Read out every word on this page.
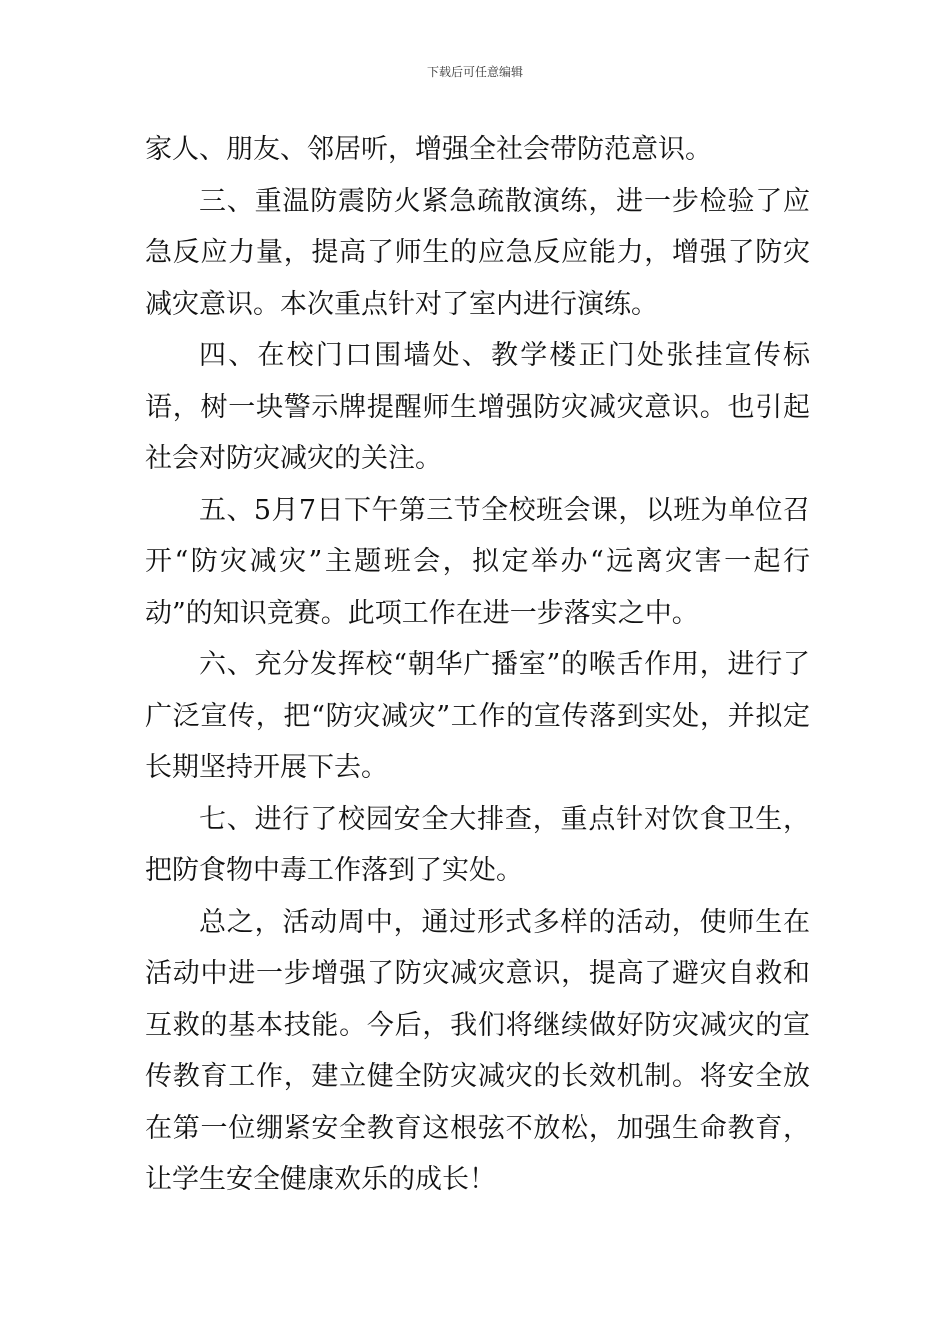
下载后可任意编辑

家人、朋友、邻居听，增强全社会带防范意识。

三、重温防震防火紧急疏散演练，进一步检验了应急反应力量，提高了师生的应急反应能力，增强了防灾减灾意识。本次重点针对了室内进行演练。

四、在校门口围墙处、教学楼正门处张挂宣传标语，树一块警示牌提醒师生增强防灾减灾意识。也引起社会对防灾减灾的关注。

五、5月7日下午第三节全校班会课，以班为单位召开“防灾减灾”主题班会，拟定举办“远离灾害一起行动”的知识竞赛。此项工作在进一步落实之中。

六、充分发挥校“朝华广播室”的喉舌作用，进行了广泛宣传，把“防灾减灾”工作的宣传落到实处，并拟定长期坚持开展下去。

七、进行了校园安全大排查，重点针对饮食卫生，把防食物中毒工作落到了实处。

总之，活动周中，通过形式多样的活动，使师生在活动中进一步增强了防灾减灾意识，提高了避灾自救和互救的基本技能。今后，我们将继续做好防灾减灾的宣传教育工作，建立健全防灾减灾的长效机制。将安全放在第一位绷紧安全教育这根弦不放松，加强生命教育，让学生安全健康欢乐的成长！
